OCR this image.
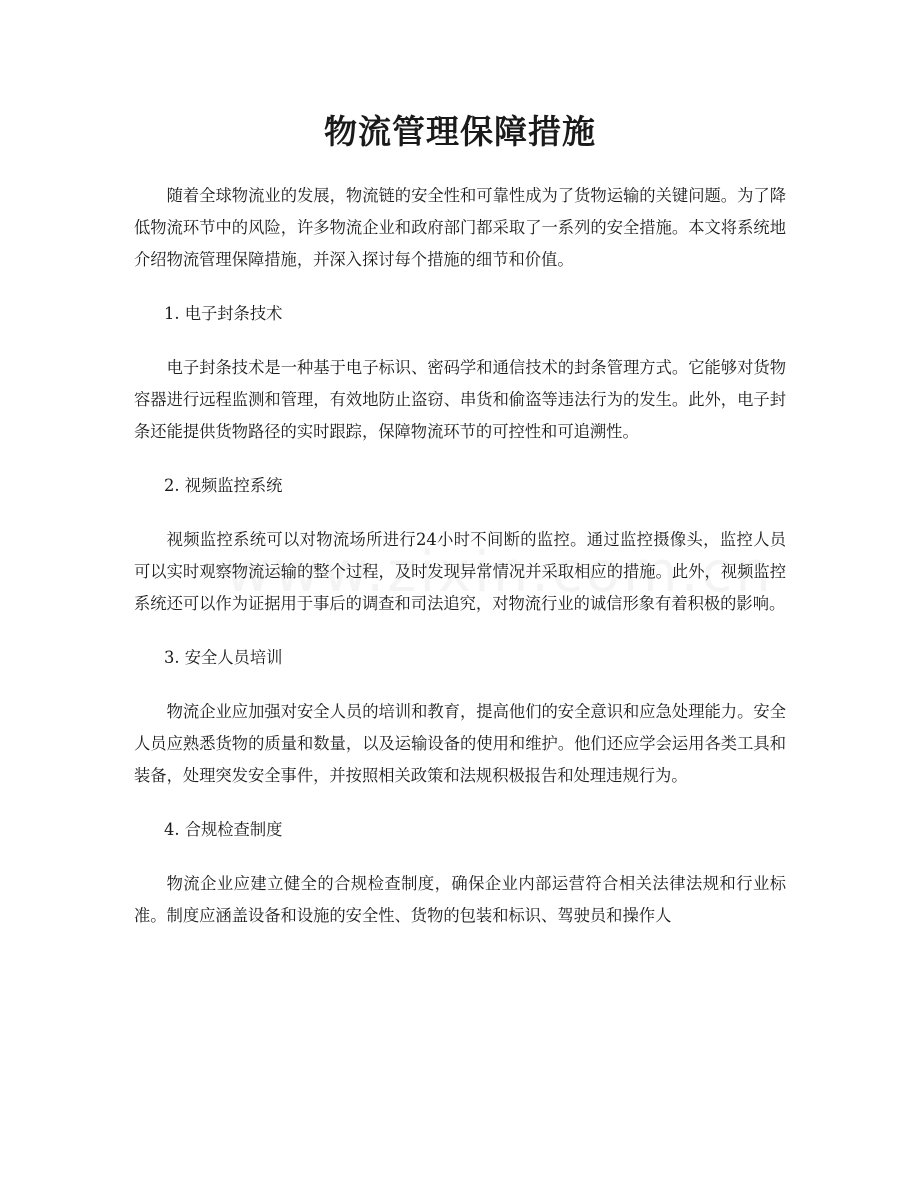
物流管理保障措施

随着全球物流业的发展，物流链的安全性和可靠性成为了货物运输的关键问题。为了降低物流环节中的风险，许多物流企业和政府部门都采取了一系列的安全措施。本文将系统地介绍物流管理保障措施，并深入探讨每个措施的细节和价值。

1. 电子封条技术

电子封条技术是一种基于电子标识、密码学和通信技术的封条管理方式。它能够对货物容器进行远程监测和管理，有效地防止盗窃、串货和偷盗等违法行为的发生。此外，电子封条还能提供货物路径的实时跟踪，保障物流环节的可控性和可追溯性。

2. 视频监控系统

视频监控系统可以对物流场所进行24小时不间断的监控。通过监控摄像头，监控人员可以实时观察物流运输的整个过程，及时发现异常情况并采取相应的措施。此外，视频监控系统还可以作为证据用于事后的调查和司法追究，对物流行业的诚信形象有着积极的影响。

3. 安全人员培训

物流企业应加强对安全人员的培训和教育，提高他们的安全意识和应急处理能力。安全人员应熟悉货物的质量和数量，以及运输设备的使用和维护。他们还应学会运用各类工具和装备，处理突发安全事件，并按照相关政策和法规积极报告和处理违规行为。

4. 合规检查制度

物流企业应建立健全的合规检查制度，确保企业内部运营符合相关法律法规和行业标准。制度应涵盖设备和设施的安全性、货物的包装和标识、驾驶员和操作人
